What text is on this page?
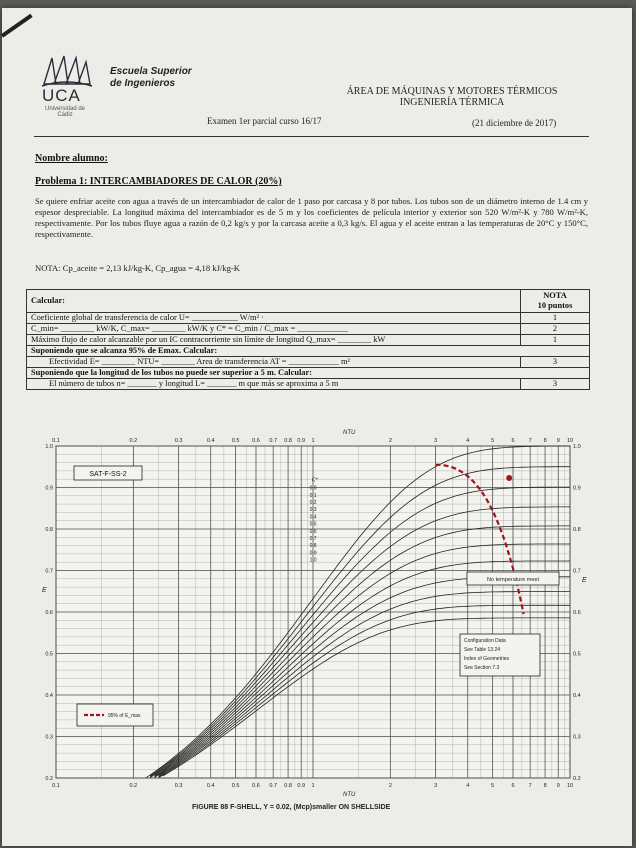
UCA
Universidad de Cádiz
Escuela Superior
de Ingenieros
ÁREA DE MÁQUINAS Y MOTORES TÉRMICOS
INGENIERÍA TÉRMICA
Examen 1er parcial curso 16/17	(21 diciembre de 2017)
Nombre alumno:
Problema 1: INTERCAMBIADORES DE CALOR (20%)
Se quiere enfriar aceite con agua a través de un intercambiador de calor de 1 paso por carcasa y 8 por tubos. Los tubos son de un diámetro interno de 1.4 cm y espesor despreciable. La longitud máxima del intercambiador es de 5 m y los coeficientes de película interior y exterior son 520 W/m²-K y 780 W/m²-K, respectivamente. Por los tubos fluye agua a razón de 0,2 kg/s y por la carcasa aceite a 0,3 kg/s. El agua y el aceite entran a las temperaturas de 20°C y 150°C, respectivamente.
NOTA: Cp_aceite = 2,13 kJ/kg-K, Cp_agua = 4,18 kJ/kg-K
Calcular:	NOTA
10 puntos

Coeficiente global de transferencia de calor U= ___________ W/m² ⋅	1
C_min= ________ kW/K, C_max= ________ kW/K y C* = C_min / C_max = ____________	2
Máximo flujo de calor alcanzable por un IC contracorriente sin límite de longitud Q_max= ________ kW	1
Suponiendo que se alcanza 95% de Emax. Calcular:	
Efectividad E= ________ NTU= ________ Area de transferencia AT = ____________ m²	3
Suponiendo que la longitud de los tubos no puede ser superior a 5 m. Calcular:	
El número de tubos n= _______ y longitud L= _______ m que más se aproxima a 5 m	3
0.1
0.1
0.2
0.2
0.3
0.3
0.4
0.4
0.5
0.5
0.6
0.6
0.7
0.7
0.8
0.8
0.9
0.9
1
1
2
2
3
3
4
4
5
5
6
6
7
7
8
8
9
9
10
10
0.2	0.2
0.3	0.3
0.4	0.4
0.5	0.5
0.6	0.6
0.7	0.7
0.8	0.8
0.9	0.9
1.0	1.0
NTU
NTU
E
E
0.0
0.1
0.2
0.3
0.4
0.5
0.6
0.7
0.8
0.9
1.0
C*
SAT-F-SS-2
95% of E_max
No temperature meet
Configuration Data
See Table 13.24
Index of Geometries
See Section 7.3
FIGURE 88 F-SHELL, Y = 0.02, (Mcp)smaller ON SHELLSIDE
